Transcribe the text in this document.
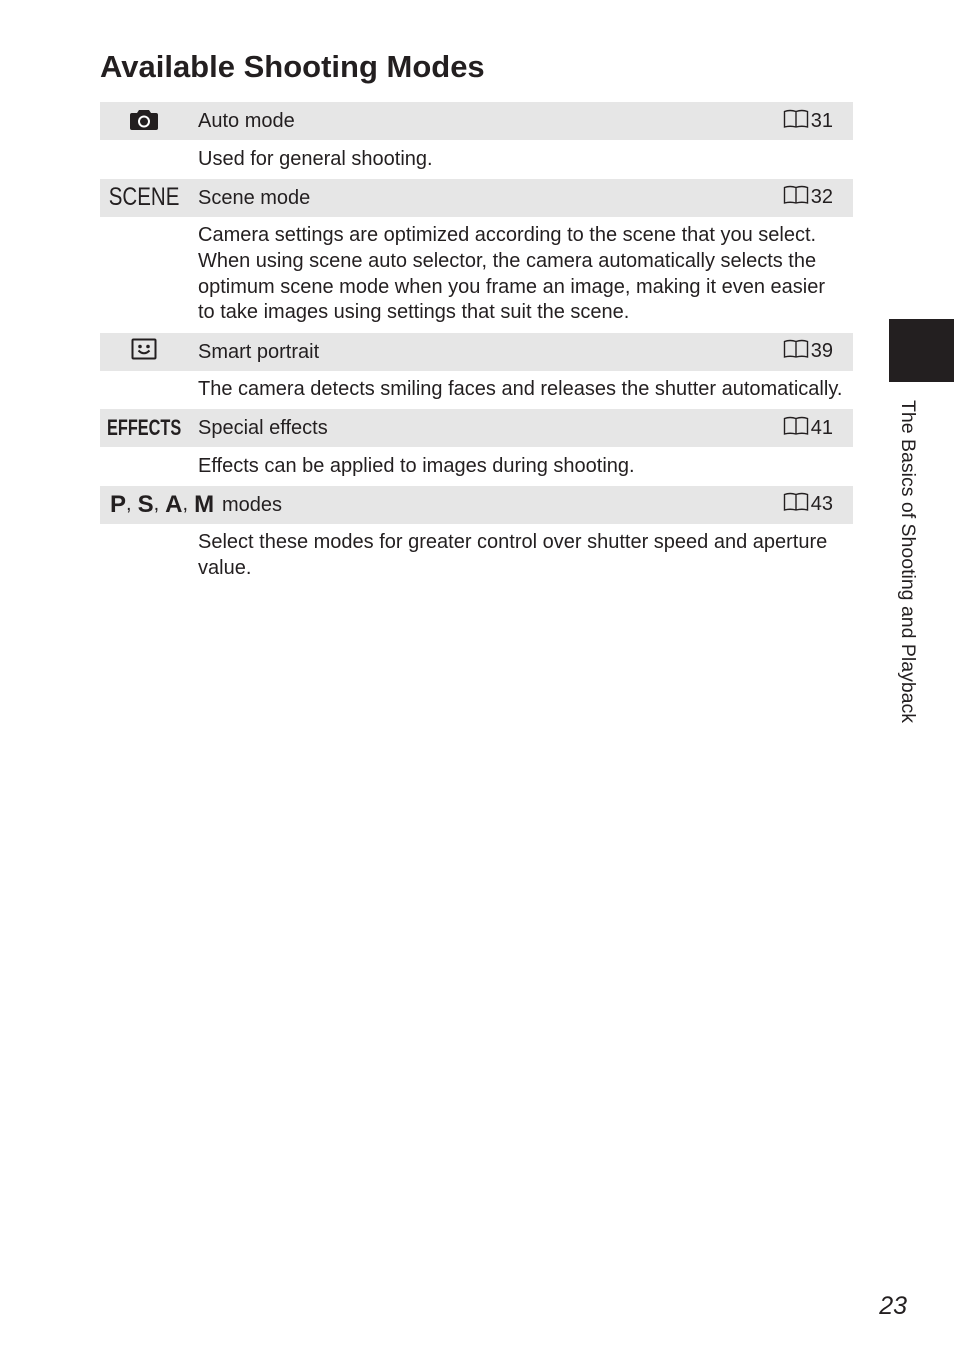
Available Shooting Modes
Auto mode	31
Used for general shooting.
SCENE Scene mode	32
Camera settings are optimized according to the scene that you select.
When using scene auto selector, the camera automatically selects the
optimum scene mode when you frame an image, making it even easier
to take images using settings that suit the scene.
Smart portrait	39
The camera detects smiling faces and releases the shutter automatically.
EFFECTS Special effects	41
Effects can be applied to images during shooting.
P , S , A , M modes	43
Select these modes for greater control over shutter speed and aperture
value.	The Basics of Shooting and Playback
23
